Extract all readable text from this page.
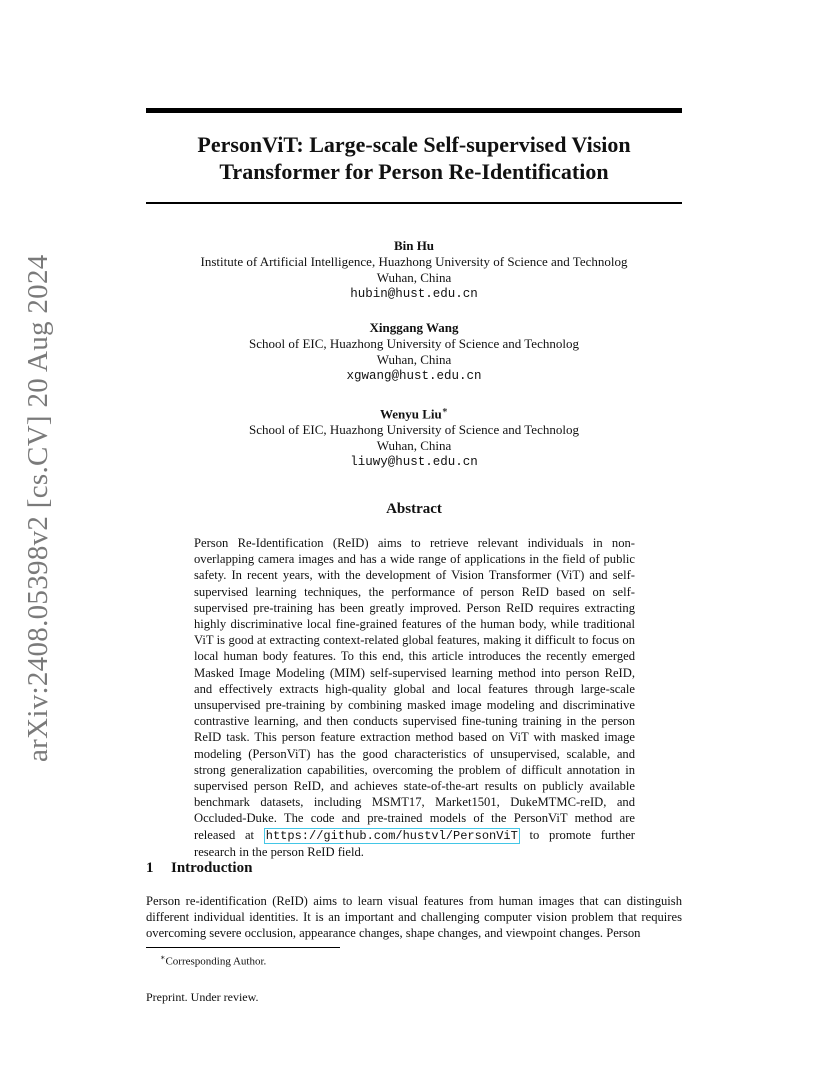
arXiv:2408.05398v2 [cs.CV] 20 Aug 2024
PersonViT: Large-scale Self-supervised Vision
Transformer for Person Re-Identification
Bin Hu
Institute of Artificial Intelligence, Huazhong University of Science and Technolog
Wuhan, China
hubin@hust.edu.cn
Xinggang Wang
School of EIC, Huazhong University of Science and Technolog
Wuhan, China
xgwang@hust.edu.cn
Wenyu Liu∗
School of EIC, Huazhong University of Science and Technolog
Wuhan, China
liuwy@hust.edu.cn
Abstract

Person Re-Identification (ReID) aims to retrieve relevant individuals in non-overlapping camera images and has a wide range of applications in the field of public safety. In recent years, with the development of Vision Transformer (ViT) and self-supervised learning techniques, the performance of person ReID based on self-supervised pre-training has been greatly improved. Person ReID requires extracting highly discriminative local fine-grained features of the human body, while traditional ViT is good at extracting context-related global features, making it difficult to focus on local human body features. To this end, this article introduces the recently emerged Masked Image Modeling (MIM) self-supervised learning method into person ReID, and effectively extracts high-quality global and local features through large-scale unsupervised pre-training by combining masked image modeling and discriminative contrastive learning, and then conducts supervised fine-tuning training in the person ReID task. This person feature extraction method based on ViT with masked image modeling (PersonViT) has the good characteristics of unsupervised, scalable, and strong generalization capabilities, overcoming the problem of difficult annotation in supervised person ReID, and achieves state-of-the-art results on publicly available benchmark datasets, including MSMT17, Market1501, DukeMTMC-reID, and Occluded-Duke. The code and pre-trained models of the PersonViT method are released at https://github.com/hustvl/PersonViT to promote further research in the person ReID field.

1 Introduction

Person re-identification (ReID) aims to learn visual features from human images that can distinguish different individual identities. It is an important and challenging computer vision problem that requires overcoming severe occlusion, appearance changes, shape changes, and viewpoint changes. Person

∗Corresponding Author.
Preprint. Under review.
